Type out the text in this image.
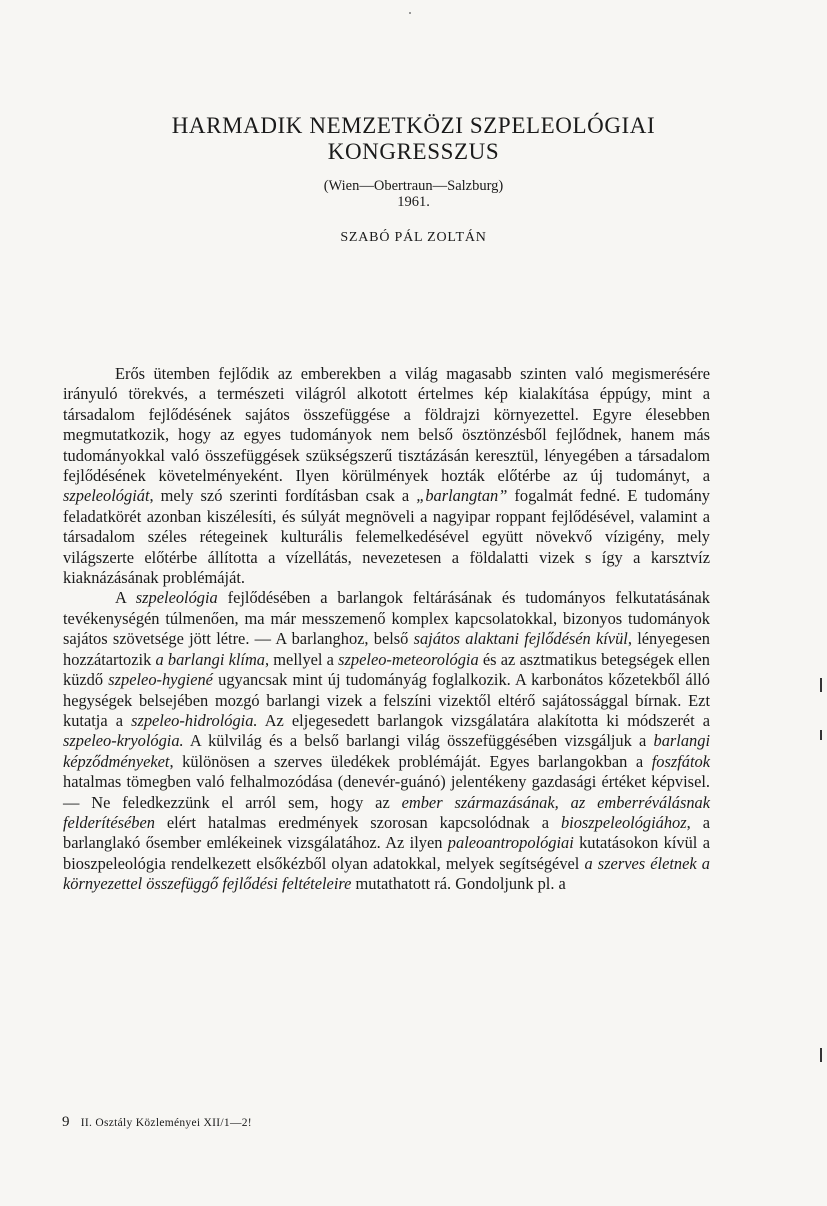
HARMADIK NEMZETKÖZI SZPELEOLÓGIAI
KONGRESSZUS
(Wien—Obertraun—Salzburg)
1961.
SZABÓ PÁL ZOLTÁN

Erős ütemben fejlődik az emberekben a világ magasabb szinten való megismerésére irányuló törekvés, a természeti világról alkotott értelmes kép kialakítása éppúgy, mint a társadalom fejlődésének sajátos összefüggése a földrajzi környezettel. Egyre élesebben megmutatkozik, hogy az egyes tudományok nem belső ösztönzésből fejlődnek, hanem más tudományokkal való összefüggések szükségszerű tisztázásán keresztül, lényegében a társadalom fejlődésének követelményeként. Ilyen körülmények hozták előtérbe az új tudományt, a szpeleológiát, mely szó szerinti fordításban csak a „barlangtan” fogalmát fedné. E tudomány feladatkörét azonban kiszélesíti, és súlyát megnöveli a nagyipar roppant fejlődésével, valamint a társadalom széles rétegeinek kulturális felemelkedésével együtt növekvő vízigény, mely világszerte előtérbe állította a vízellátás, nevezetesen a földalatti vizek s így a karsztvíz kiaknázásának problémáját.

A szpeleológia fejlődésében a barlangok feltárásának és tudományos felkutatásának tevékenységén túlmenően, ma már messzemenő komplex kapcsolatokkal, bizonyos tudományok sajátos szövetsége jött létre. — A barlanghoz, belső sajátos alaktani fejlődésén kívül, lényegesen hozzátartozik a barlangi klíma, mellyel a szpeleo-meteorológia és az asztmatikus betegségek ellen küzdő szpeleo-hygiené ugyancsak mint új tudományág foglalkozik. A karbonátos kőzetekből álló hegységek belsejében mozgó barlangi vizek a felszíni vizektől eltérő sajátossággal bírnak. Ezt kutatja a szpeleo-hidrológia. Az eljegesedett barlangok vizsgálatára alakította ki módszerét a szpeleo-kryológia. A külvilág és a belső barlangi világ összefüggésében vizsgáljuk a barlangi képződményeket, különösen a szerves üledékek problémáját. Egyes barlangokban a foszfátok hatalmas tömegben való felhalmozódása (denevér-guánó) jelentékeny gazdasági értéket képvisel. — Ne feledkezzünk el arról sem, hogy az ember származásának, az emberréválásnak felderítésében elért hatalmas eredmények szorosan kapcsolódnak a bioszpeleológiához, a barlanglakó ősember emlékeinek vizsgálatához. Az ilyen paleoantropológiai kutatásokon kívül a bioszpeleológia rendelkezett elsőkézből olyan adatokkal, melyek segítségével a szerves életnek a környezettel összefüggő fejlődési feltételeire mutathatott rá. Gondoljunk pl. a

9 II. Osztály Közleményei XII/1—2!
